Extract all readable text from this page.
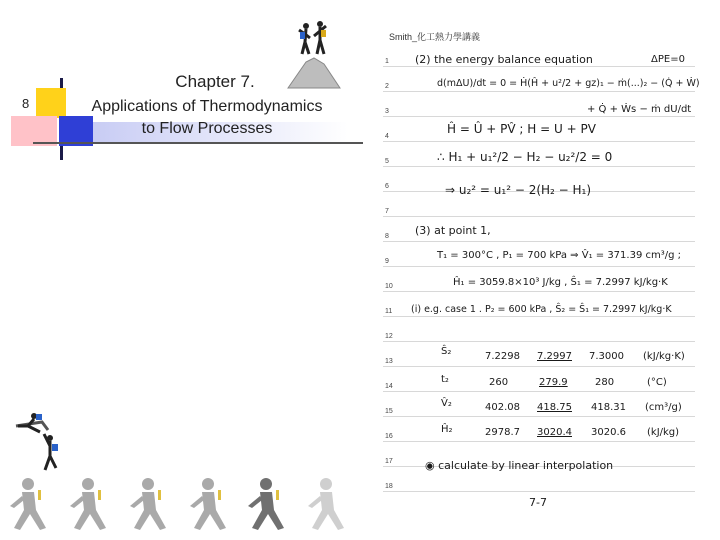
8
Chapter 7.
Applications of Thermodynamics
to Flow Processes
Smith_化工熱力學講義
1
2
3
4
5
6
7
8
9
10
11
12
13
14
15
16
17
18
(2) the energy balance equation	ΔPE=0
d(mΔU)/dt = 0 = Ḣ(Ĥ + u²/2 + gz)₁ − ṁ(...)₂ − (Q̇ + Ẇ)
+ Q̇ + Ẇs − ṁ dU/dt
Ĥ = Û + PV̂ ; H = U + PV
∴ H₁ + u₁²/2 − H₂ − u₂²/2 = 0
⇒ u₂² = u₁² − 2(H₂ − H₁)
(3) at point 1,
T₁ = 300°C , P₁ = 700 kPa ⇒ V̂₁ = 371.39 cm³/g ;
Ĥ₁ = 3059.8×10³ J/kg , Ŝ₁ = 7.2997 kJ/kg·K
(i) e.g. case 1 . P₂ = 600 kPa , Ŝ₂ = Ŝ₁ = 7.2997 kJ/kg·K
Ŝ₂	7.2298 7.2997 7.3000 (kJ/kg·K)
t₂	260	279.9	280	(°C)
V̂₂	402.08 418.75 418.31 (cm³/g)
Ĥ₂	2978.7 3020.4 3020.6 (kJ/kg)
◉ calculate by linear interpolation
7-7
